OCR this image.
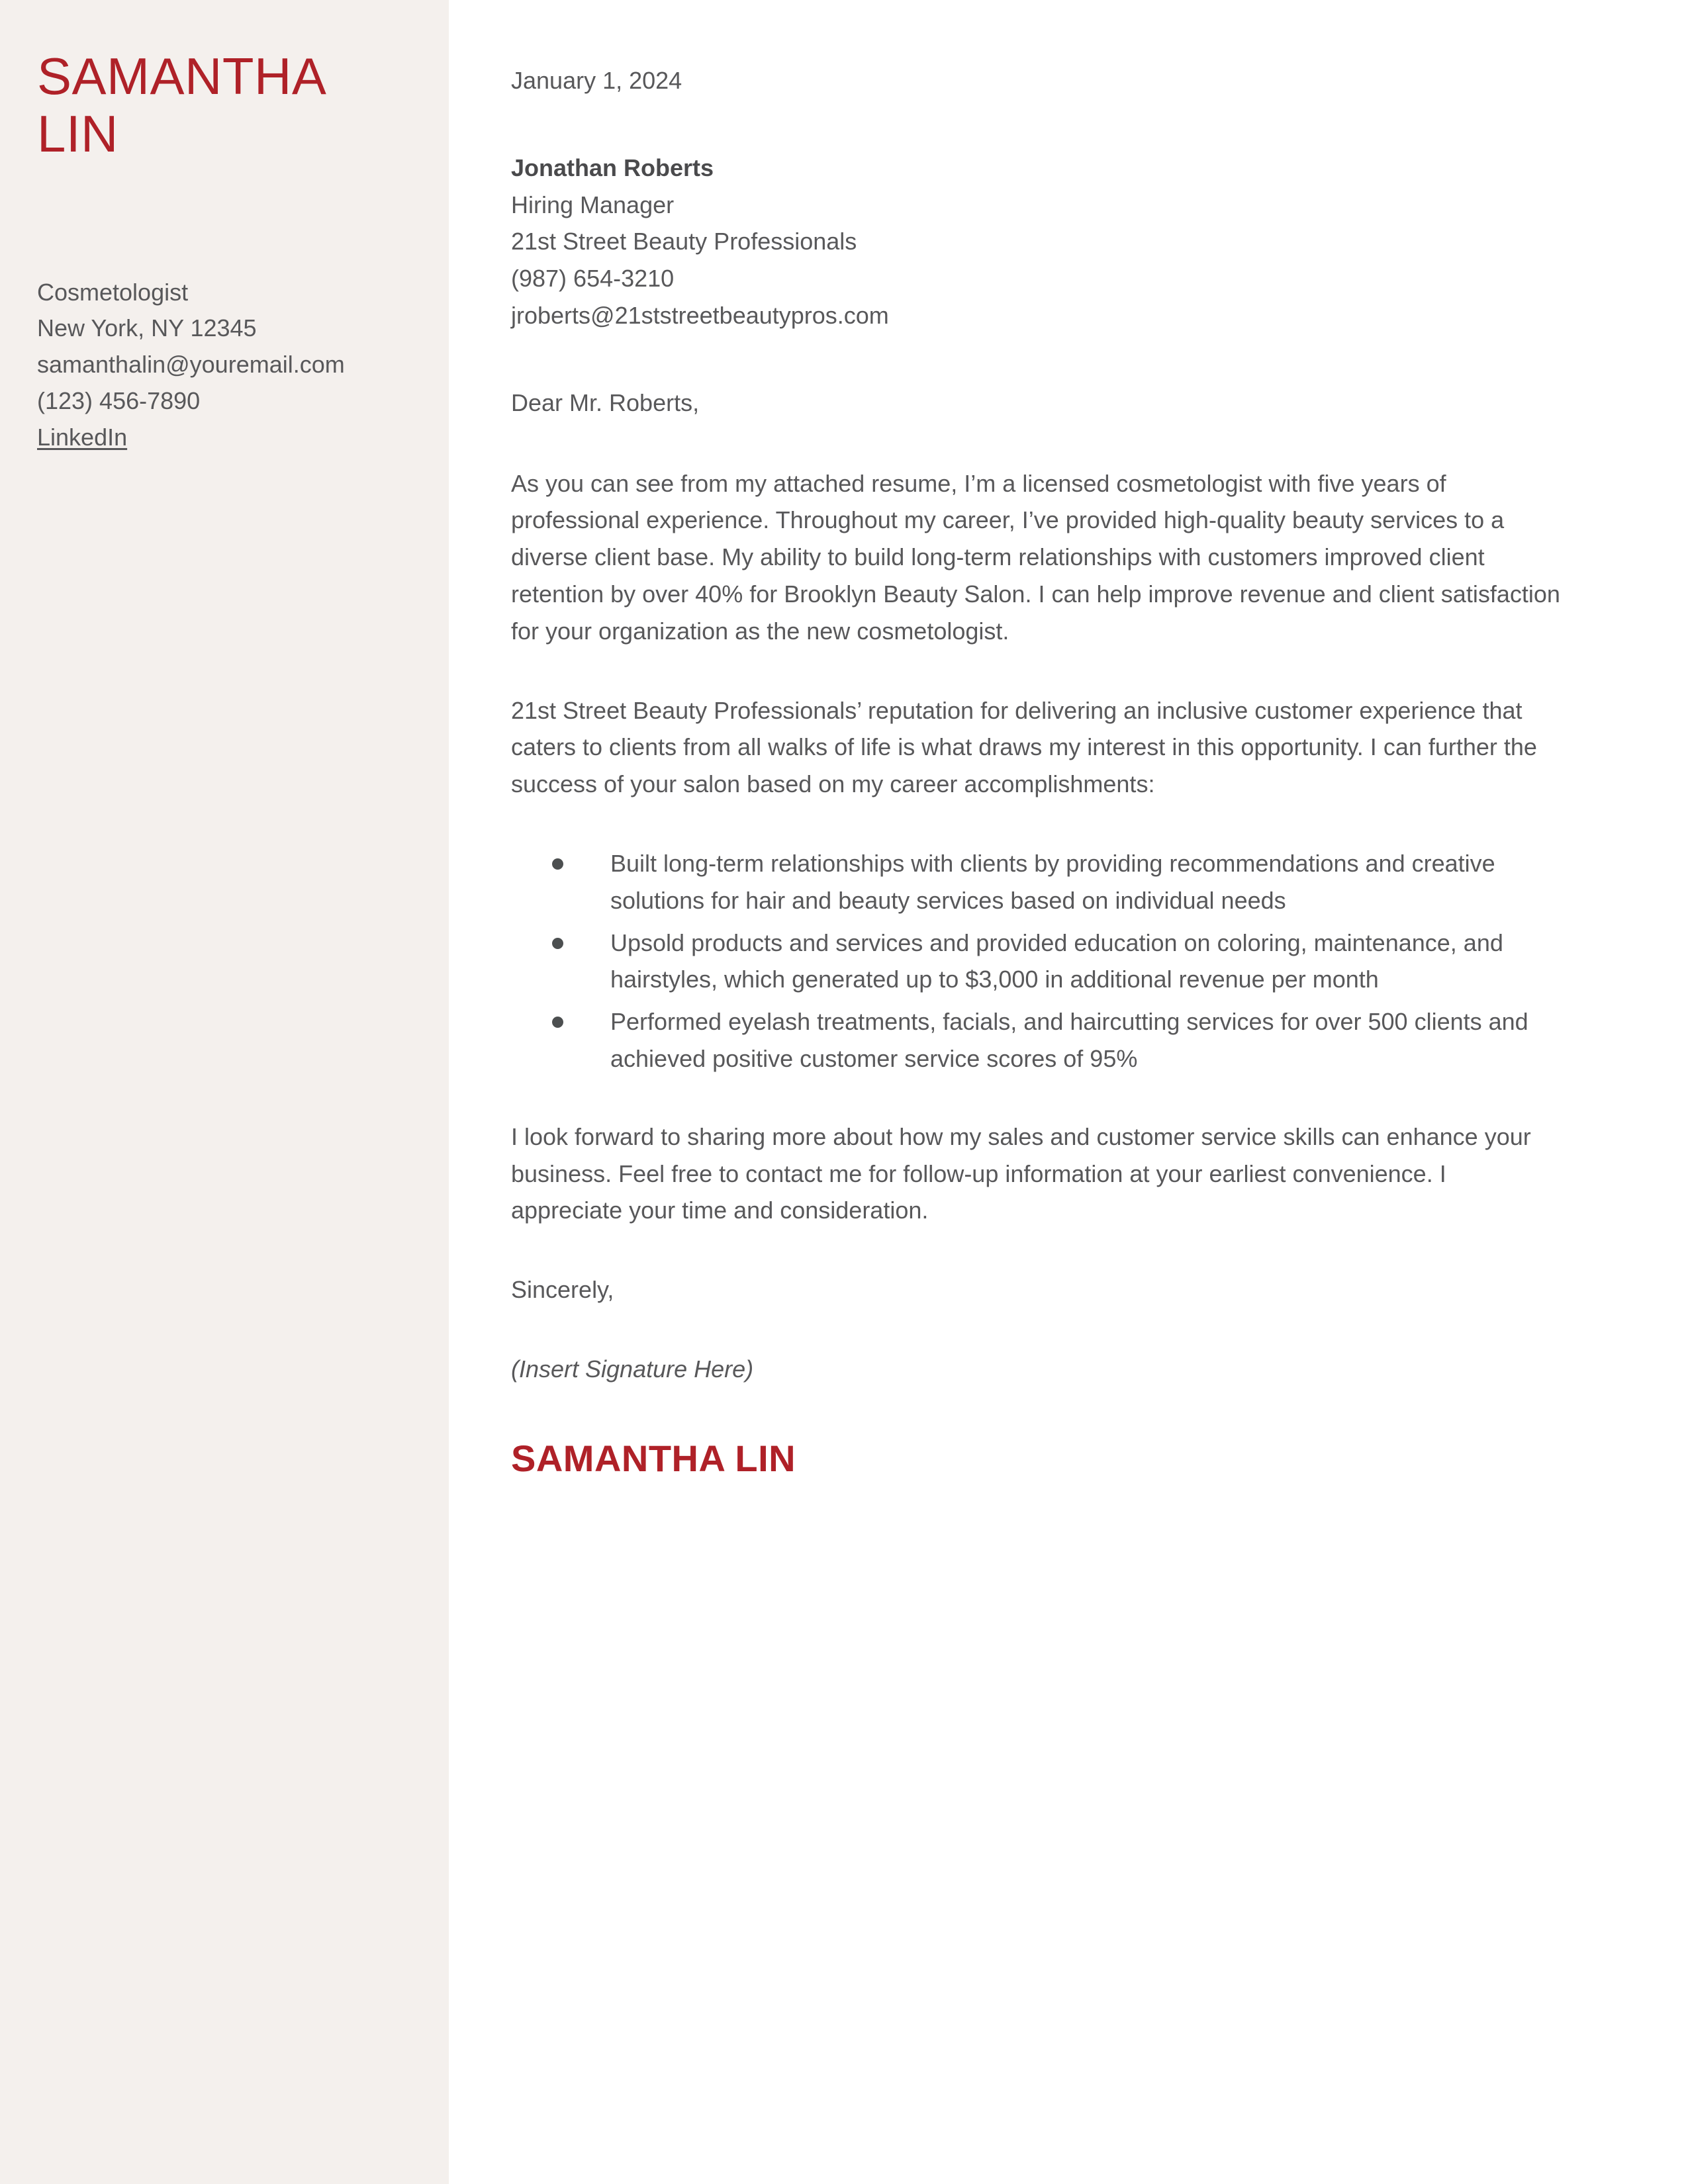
SAMANTHA
LIN
Cosmetologist
New York, NY 12345
samanthalin@youremail.com
(123) 456-7890
LinkedIn

January 1, 2024

Jonathan Roberts
Hiring Manager
21st Street Beauty Professionals
(987) 654-3210
jroberts@21ststreetbeautypros.com

Dear Mr. Roberts,

As you can see from my attached resume, I’m a licensed cosmetologist with five years of professional experience. Throughout my career, I’ve provided high-quality beauty services to a diverse client base. My ability to build long-term relationships with customers improved client retention by over 40% for Brooklyn Beauty Salon. I can help improve revenue and client satisfaction for your organization as the new cosmetologist.

21st Street Beauty Professionals’ reputation for delivering an inclusive customer experience that caters to clients from all walks of life is what draws my interest in this opportunity. I can further the success of your salon based on my career accomplishments:

Built long-term relationships with clients by providing recommendations and creative solutions for hair and beauty services based on individual needs
Upsold products and services and provided education on coloring, maintenance, and hairstyles, which generated up to $3,000 in additional revenue per month
Performed eyelash treatments, facials, and haircutting services for over 500 clients and achieved positive customer service scores of 95%

I look forward to sharing more about how my sales and customer service skills can enhance your business. Feel free to contact me for follow-up information at your earliest convenience. I appreciate your time and consideration.

Sincerely,

(Insert Signature Here)

SAMANTHA LIN
